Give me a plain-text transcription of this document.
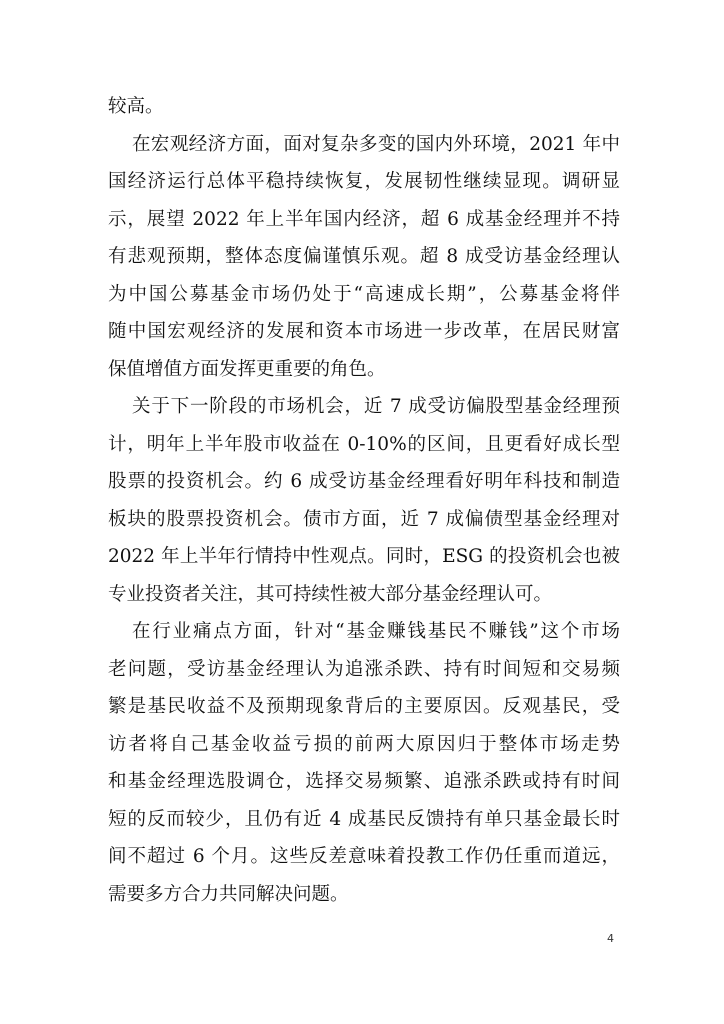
较高。
在宏观经济方面，面对复杂多变的国内外环境，2021 年中
国经济运行总体平稳持续恢复，发展韧性继续显现。调研显
示，展望 2022 年上半年国内经济，超 6 成基金经理并不持
有悲观预期，整体态度偏谨慎乐观。超 8 成受访基金经理认
为中国公募基金市场仍处于“高速成长期”，公募基金将伴
随中国宏观经济的发展和资本市场进一步改革，在居民财富
保值增值方面发挥更重要的角色。
关于下一阶段的市场机会，近 7 成受访偏股型基金经理预
计，明年上半年股市收益在 0-10%的区间，且更看好成长型
股票的投资机会。约 6 成受访基金经理看好明年科技和制造
板块的股票投资机会。债市方面，近 7 成偏债型基金经理对
2022 年上半年行情持中性观点。同时，ESG 的投资机会也被
专业投资者关注，其可持续性被大部分基金经理认可。
在行业痛点方面，针对“基金赚钱基民不赚钱”这个市场
老问题，受访基金经理认为追涨杀跌、持有时间短和交易频
繁是基民收益不及预期现象背后的主要原因。反观基民，受
访者将自己基金收益亏损的前两大原因归于整体市场走势
和基金经理选股调仓，选择交易频繁、追涨杀跌或持有时间
短的反而较少，且仍有近 4 成基民反馈持有单只基金最长时
间不超过 6 个月。这些反差意味着投教工作仍任重而道远，
需要多方合力共同解决问题。
4
